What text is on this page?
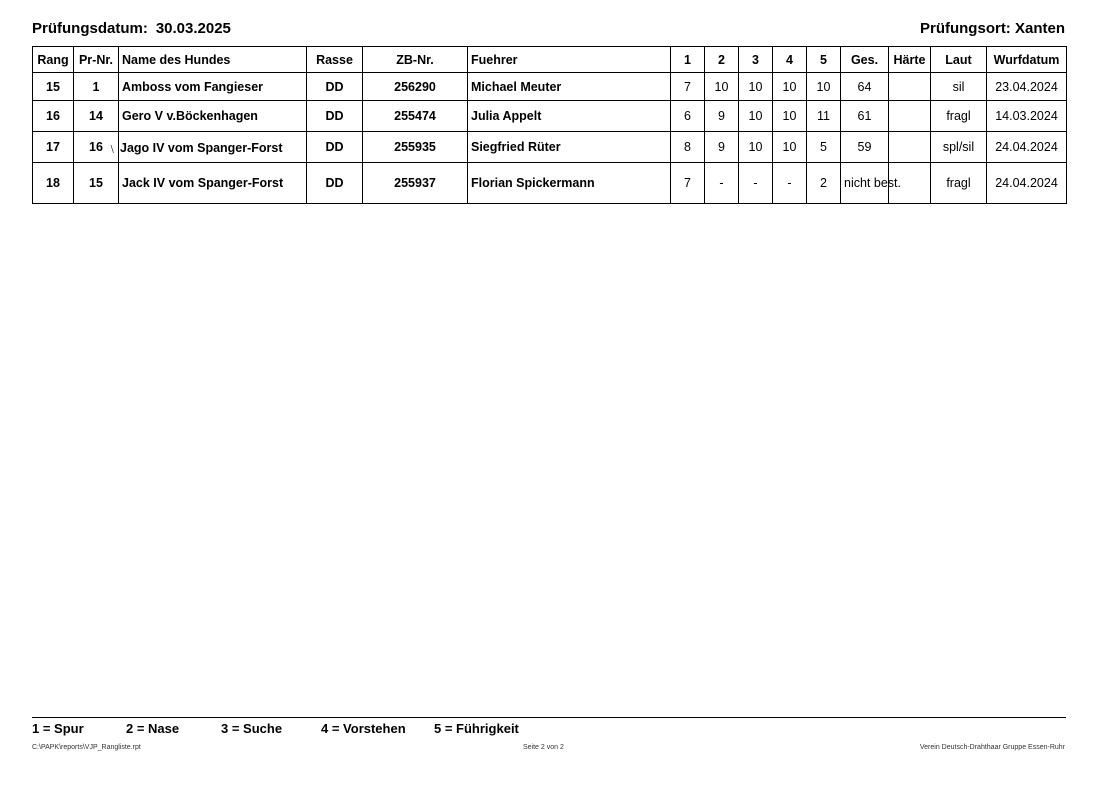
Prüfungsdatum: 30.03.2025	Prüfungsort: Xanten
Rang	Pr-Nr.	Name des Hundes	Rasse	ZB-Nr.	Fuehrer	1	2	3	4	5	Ges.	Härte	Laut	Wurfdatum
15	1	Amboss vom Fangieser	DD	256290	Michael Meuter	7	10	10	10	10	64		sil	23.04.2024
16	14	Gero V v.Böckenhagen	DD	255474	Julia Appelt	6	9	10	10	11	61		fragl	14.03.2024
17	16	﹨Jago IV vom Spanger-Forst	DD	255935	Siegfried Rüter	8	9	10	10	5	59		spl/sil	24.04.2024
18	15	Jack IV vom Spanger-Forst	DD	255937	Florian Spickermann	7	-	-	-	2	nicht best.		fragl	24.04.2024
1 = Spur	2 = Nase	3 = Suche	4 = Vorstehen 5 = Führigkeit
C:\PAPK\reports\VJP_Rangliste.rpt	Seite 2 von 2	Verein Deutsch-Drahthaar Gruppe Essen-Ruhr
